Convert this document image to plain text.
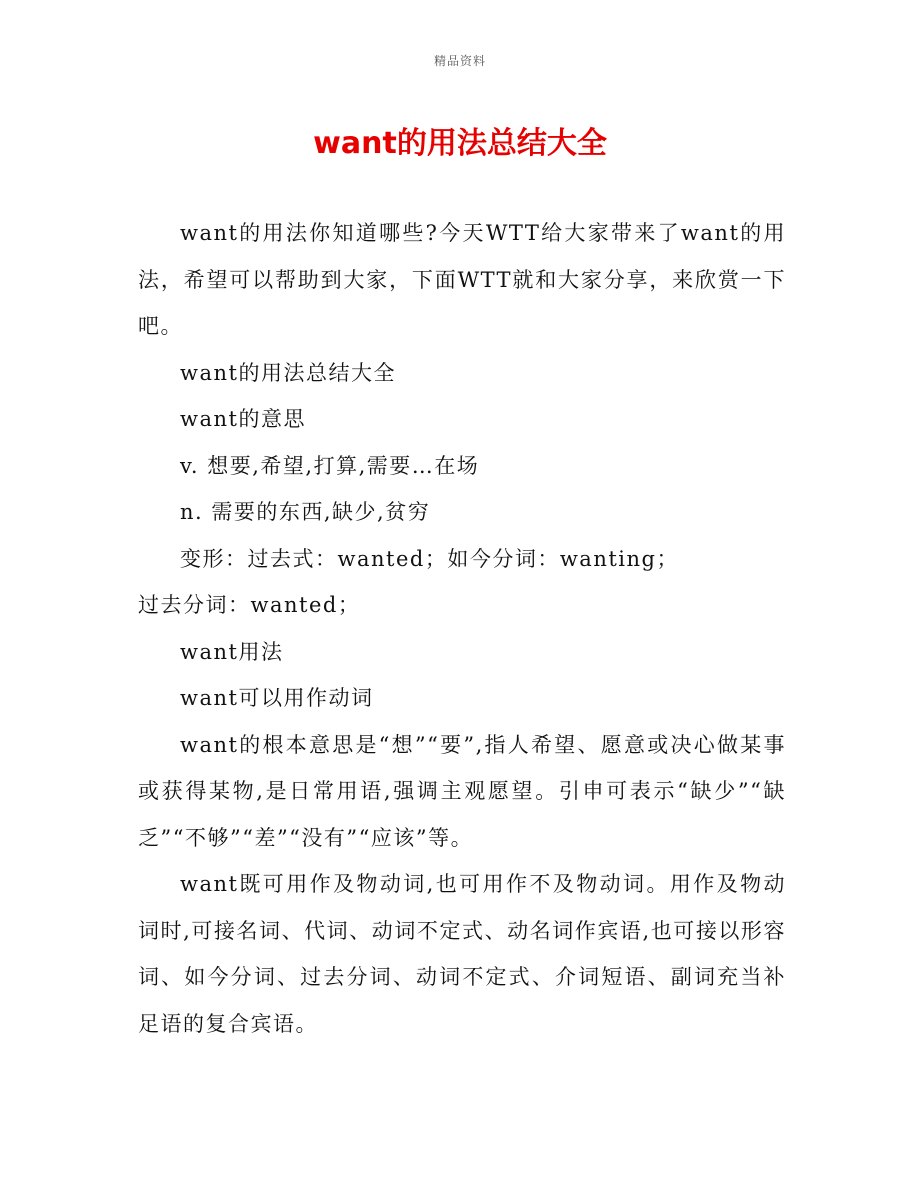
精品资料
want的用法总结大全

want的用法你知道哪些?今天WTT给大家带来了want的用法，希望可以帮助到大家，下面WTT就和大家分享，来欣赏一下吧。

want的用法总结大全

want的意思

v. 想要,希望,打算,需要…在场

n. 需要的东西,缺少,贫穷

变形：过去式：wanted；如今分词：wanting；

过去分词：wanted；

want用法

want可以用作动词

want的根本意思是“想”“要”,指人希望、愿意或决心做某事或获得某物,是日常用语,强调主观愿望。引申可表示“缺少”“缺乏”“不够”“差”“没有”“应该”等。

want既可用作及物动词,也可用作不及物动词。用作及物动词时,可接名词、代词、动词不定式、动名词作宾语,也可接以形容词、如今分词、过去分词、动词不定式、介词短语、副词充当补足语的复合宾语。
